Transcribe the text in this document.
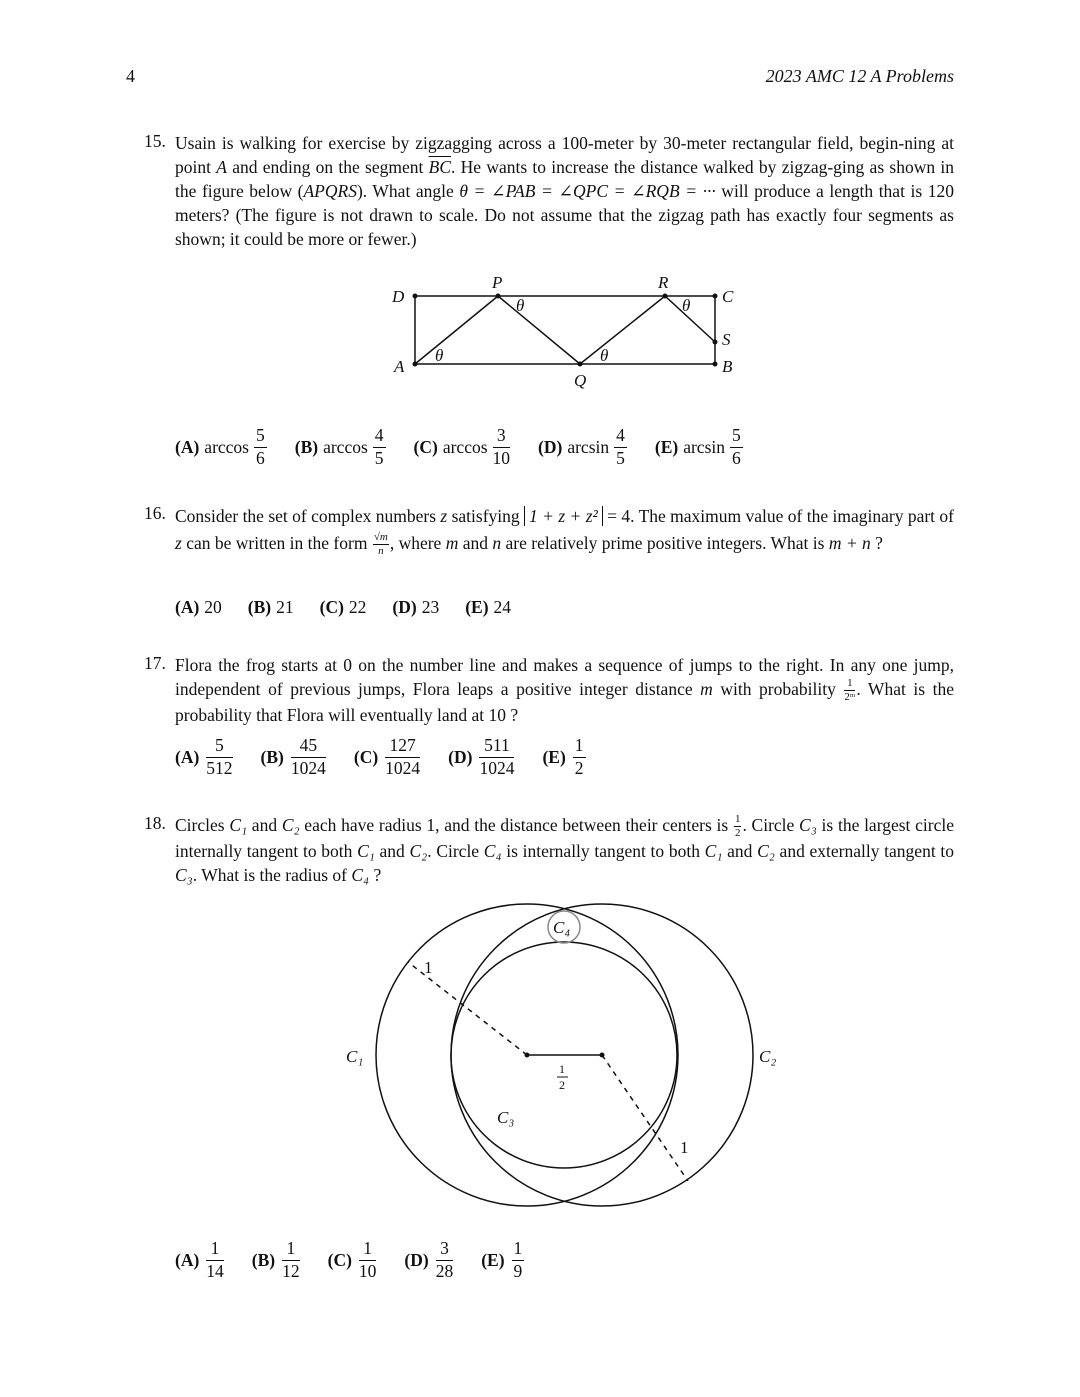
4	2023 AMC 12 A Problems
15. Usain is walking for exercise by zigzagging across a 100-meter by 30-meter rectangular field, begin-ning at point A and ending on the segment $\overline{BC}$. He wants to increase the distance walked by zigzag-ging as shown in the figure below (APQRS). What angle θ = ∠PAB = ∠QPC = ∠RQB = ··· will produce a length that is 120 meters? (The figure is not drawn to scale. Do not assume that the zigzag path has exactly four segments as shown; it could be more or fewer.)
D
P	R
C
S
A	B
Q
θ
θ
θ
θ
(A) $\arccos \frac{5}{6} (B)$ $\arccos \frac{4}{5} (C)$ $\arccos \frac{3}{10} (D)$ $\arcsin \frac{4}{5} (E)$ $\arcsin \frac{5}{6}$
16. Consider the set of complex numbers z satisfying 1 + z + z² = 4. The maximum value of the imaginary part of z can be written in the form $\frac{√m}{n}$ , where m and n are relatively prime positive integers. What is m + n ?
(A) 20 (B) 21 (C) 22 (D) 23 (E) 24
17. Flora the frog starts at 0 on the number line and makes a sequence of jumps to the right. In any one jump, independent of previous jumps, Flora leaps a positive integer distance m with probability $\frac{1}{\text{2ᵐ}}$ . What is the probability that Flora will eventually land at 10 ?
$(A) \frac{5}{512} (B) \frac{45}{1024} (C) \frac{127}{1024} (D) \frac{511}{1024} (E) \frac{1}{2}$
18. Circles C₁ and C₂ each have radius 1, and the distance between their centers is $\frac{1}{2}$ . Circle C₃ is the largest circle internally tangent to both C₁ and C₂. Circle C₄ is internally tangent to both C₁ and C₂ and externally tangent to C₃. What is the radius of C₄ ?
C₄
1
1
C₁	C₂
C₃
1
2
$(A) \frac{1}{14} (B) \frac{1}{12} (C) \frac{1}{10} (D) \frac{3}{28} (E) \frac{1}{9}$
